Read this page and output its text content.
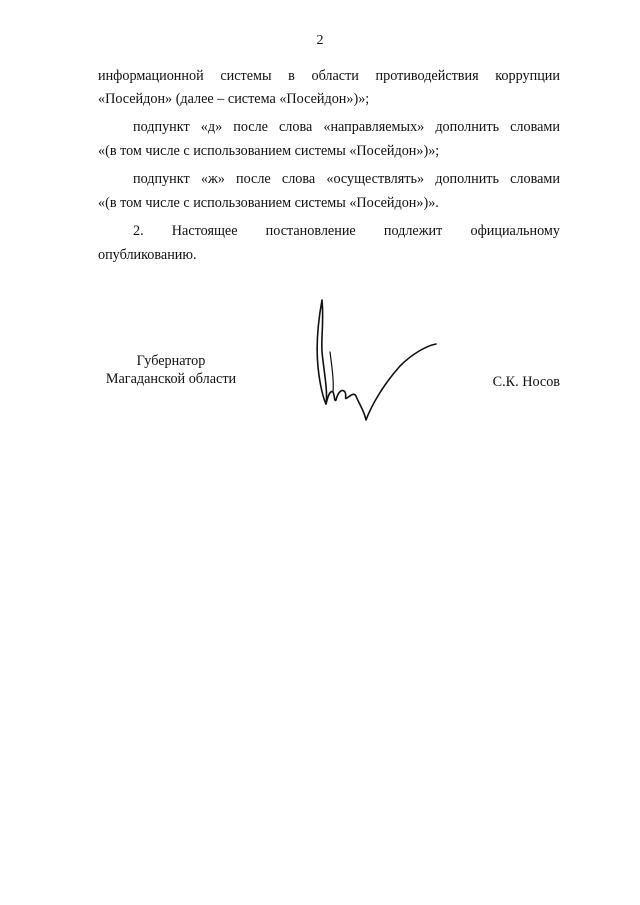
2
информационной системы в области противодействия коррупции
«Посейдон» (далее – система «Посейдон»)»;
подпункт «д» после слова «направляемых» дополнить словами
«(в том числе с использованием системы «Посейдон»)»;
подпункт «ж» после слова «осуществлять» дополнить словами
«(в том числе с использованием системы «Посейдон»)».
2. Настоящее постановление подлежит официальному
опубликованию.
Губернатор
Магаданской области	С.К. Носов
